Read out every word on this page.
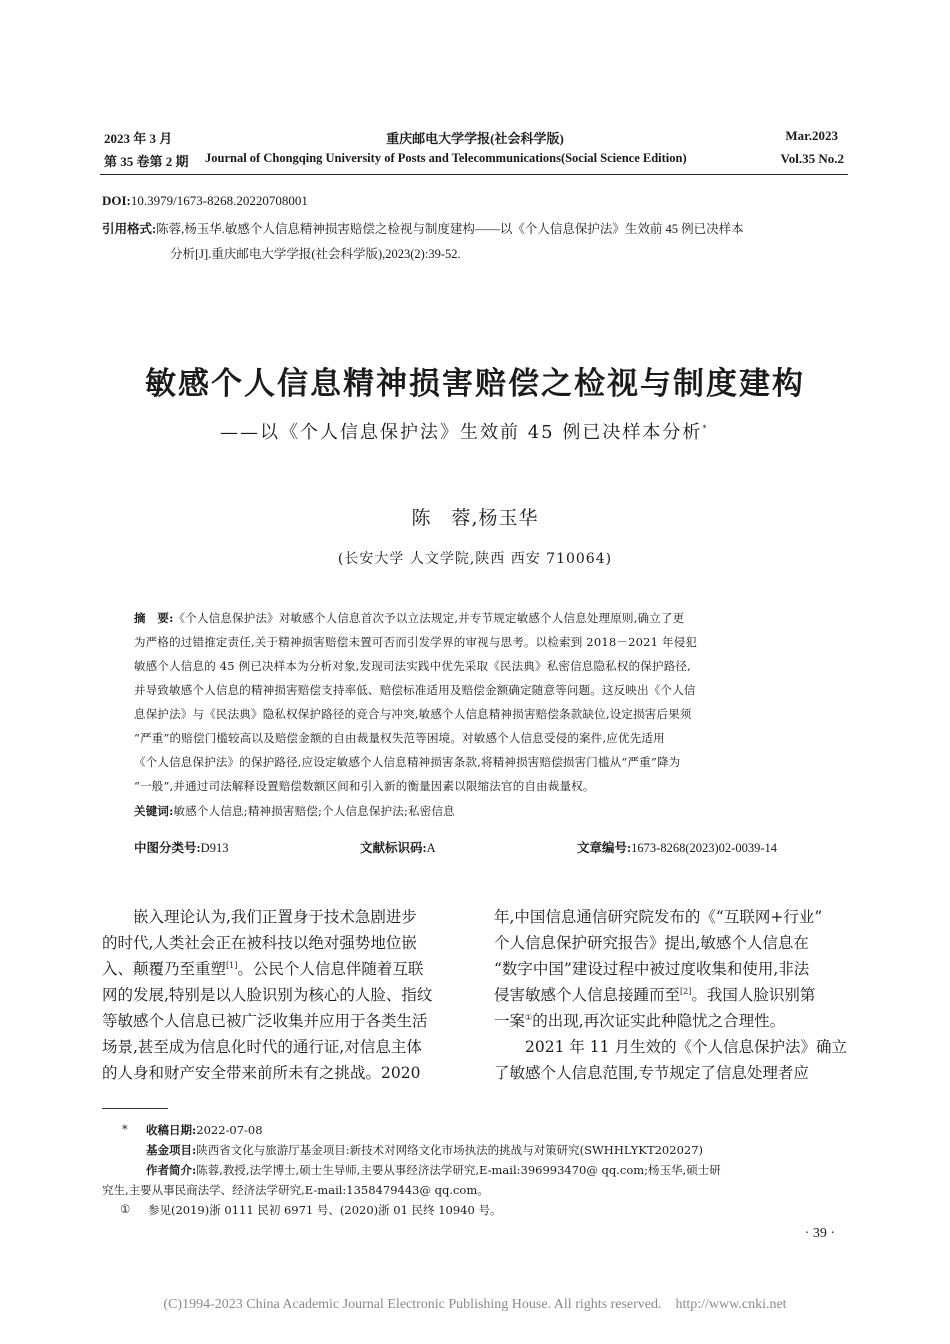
2023 年 3 月	重庆邮电大学学报(社会科学版)	Mar.2023
第 35 卷第 2 期 Journal of Chongqing University of Posts and Telecommunications(Social Science Edition)	Vol.35 No.2
DOI:10.3979/1673-8268.20220708001
引用格式:陈蓉,杨玉华.敏感个人信息精神损害赔偿之检视与制度建构——以《个人信息保护法》生效前 45 例已决样本
分析[J].重庆邮电大学学报(社会科学版),2023(2):39-52.
敏感个人信息精神损害赔偿之检视与制度建构
——以《个人信息保护法》生效前 45 例已决样本分析*
陈　蓉,杨玉华
(长安大学 人文学院,陕西 西安 710064)
摘　要:《个人信息保护法》对敏感个人信息首次予以立法规定,并专节规定敏感个人信息处理原则,确立了更
为严格的过错推定责任,关于精神损害赔偿未置可否而引发学界的审视与思考。以检索到 2018－2021 年侵犯
敏感个人信息的 45 例已决样本为分析对象,发现司法实践中优先采取《民法典》私密信息隐私权的保护路径,
并导致敏感个人信息的精神损害赔偿支持率低、赔偿标准适用及赔偿金额确定随意等问题。这反映出《个人信
息保护法》与《民法典》隐私权保护路径的竞合与冲突,敏感个人信息精神损害赔偿条款缺位,设定损害后果须
“严重”的赔偿门槛较高以及赔偿金额的自由裁量权失范等困境。对敏感个人信息受侵的案件,应优先适用
《个人信息保护法》的保护路径,应设定敏感个人信息精神损害条款,将精神损害赔偿损害门槛从“严重”降为
“一般”,并通过司法解释设置赔偿数额区间和引入新的衡量因素以限缩法官的自由裁量权。
关键词:敏感个人信息;精神损害赔偿;个人信息保护法;私密信息
中图分类号:D913	文献标识码:A	文章编号:1673-8268(2023)02-0039-14
嵌入理论认为,我们正置身于技术急剧进步
的时代,人类社会正在被科技以绝对强势地位嵌
入、颠覆乃至重塑[1]。公民个人信息伴随着互联
网的发展,特别是以人脸识别为核心的人脸、指纹
等敏感个人信息已被广泛收集并应用于各类生活
场景,甚至成为信息化时代的通行证,对信息主体
的人身和财产安全带来前所未有之挑战。2020
年,中国信息通信研究院发布的《“互联网+行业”
个人信息保护研究报告》提出,敏感个人信息在
“数字中国”建设过程中被过度收集和使用,非法
侵害敏感个人信息接踵而至[2]。我国人脸识别第
一案①的出现,再次证实此种隐忧之合理性。
2021 年 11 月生效的《个人信息保护法》确立
了敏感个人信息范围,专节规定了信息处理者应
* 收稿日期:2022-07-08
基金项目:陕西省文化与旅游厅基金项目:新技术对网络文化市场执法的挑战与对策研究(SWHHLYKT202027)
作者简介:陈蓉,教授,法学博士,硕士生导师,主要从事经济法学研究,E-mail:396993470@ qq.com;杨玉华,硕士研
究生,主要从事民商法学、经济法学研究,E-mail:1358479443@ qq.com。
① 参见(2019)浙 0111 民初 6971 号、(2020)浙 01 民终 10940 号。
· 39 ·
(C)1994-2023 China Academic Journal Electronic Publishing House. All rights reserved.    http://www.cnki.net
